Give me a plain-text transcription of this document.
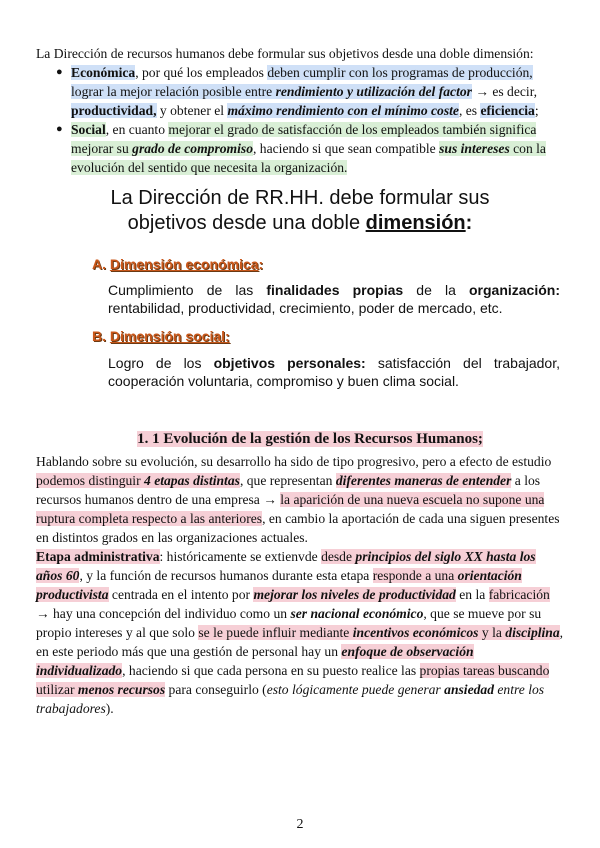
La Dirección de recursos humanos debe formular sus objetivos desde una doble dimensión:

● Económica, por qué los empleados deben cumplir con los programas de producción, lograr la mejor relación posible entre rendimiento y utilización del factor → es decir, productividad, y obtener el máximo rendimiento con el mínimo coste, es eficiencia;
● Social, en cuanto mejorar el grado de satisfacción de los empleados también significa mejorar su grado de compromiso, haciendo si que sean compatible sus intereses con la evolución del sentido que necesita la organización.
La Dirección de RR.HH. debe formular sus
objetivos desde una doble dimensión:

A. Dimensión económica:

Cumplimiento de las finalidades propias de la organización: rentabilidad, productividad, crecimiento, poder de mercado, etc.

B. Dimensión social:

Logro de los objetivos personales: satisfacción del trabajador, cooperación voluntaria, compromiso y buen clima social.

1. 1 Evolución de la gestión de los Recursos Humanos;

Hablando sobre su evolución, su desarrollo ha sido de tipo progresivo, pero a efecto de estudio podemos distinguir 4 etapas distintas, que representan diferentes maneras de entender a los recursos humanos dentro de una empresa → la aparición de una nueva escuela no supone una ruptura completa respecto a las anteriores, en cambio la aportación de cada una siguen presentes en distintos grados en las organizaciones actuales.

Etapa administrativa: históricamente se extienvde desde principios del siglo XX hasta los años 60, y la función de recursos humanos durante esta etapa responde a una orientación productivista centrada en el intento por mejorar los niveles de productividad en la fabricación → hay una concepción del individuo como un ser nacional económico, que se mueve por su propio intereses y al que solo se le puede influir mediante incentivos económicos y la disciplina, en este periodo más que una gestión de personal hay un enfoque de observación individualizado, haciendo si que cada persona en su puesto realice las propias tareas buscando utilizar menos recursos para conseguirlo (esto lógicamente puede generar ansiedad entre los trabajadores).

2
